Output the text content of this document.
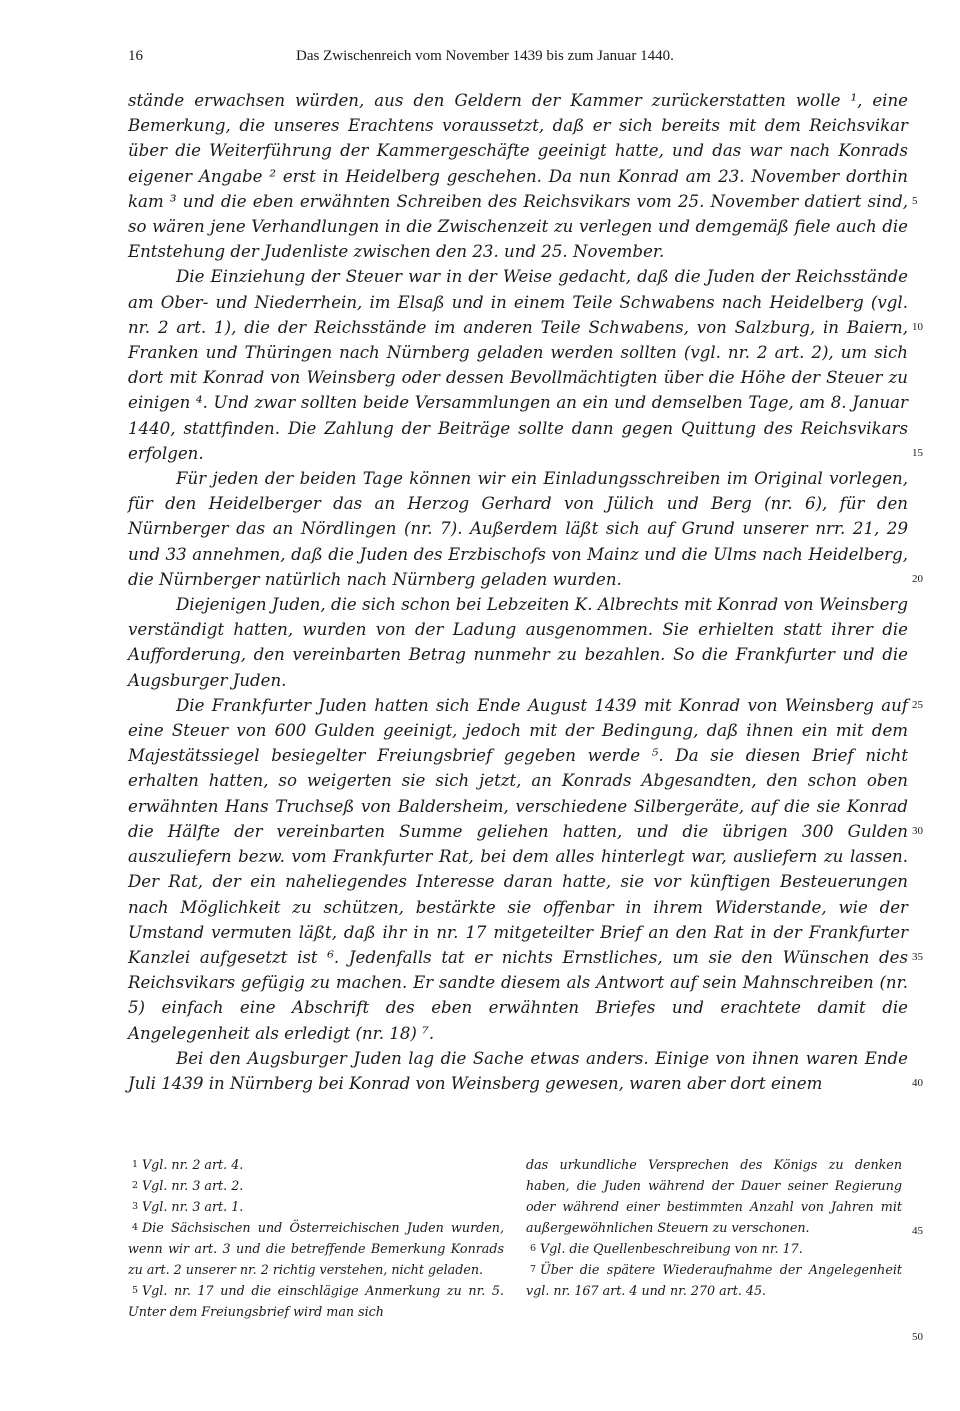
16	Das Zwischenreich vom November 1439 bis zum Januar 1440.

stände erwachsen würden, aus den Geldern der Kammer zurückerstatten wolle ¹, eine Bemerkung, die unseres Erachtens voraussetzt, daß er sich bereits mit dem Reichsvikar über die Weiterführung der Kammergeschäfte geeinigt hatte, und das war nach Konrads eigener Angabe ² erst in Heidelberg geschehen. Da nun Konrad am 23. November dorthin kam ³ und die eben erwähnten Schreiben des Reichsvikars vom 25. November datiert sind, so wären jene Verhandlungen in die Zwischenzeit zu verlegen und demgemäß fiele auch die Entstehung der Judenliste zwischen den 23. und 25. November.

Die Einziehung der Steuer war in der Weise gedacht, daß die Juden der Reichsstände am Ober- und Niederrhein, im Elsaß und in einem Teile Schwabens nach Heidelberg (vgl. nr. 2 art. 1), die der Reichsstände im anderen Teile Schwabens, von Salzburg, in Baiern, Franken und Thüringen nach Nürnberg geladen werden sollten (vgl. nr. 2 art. 2), um sich dort mit Konrad von Weinsberg oder dessen Bevollmächtigten über die Höhe der Steuer zu einigen ⁴. Und zwar sollten beide Versammlungen an ein und demselben Tage, am 8. Januar 1440, stattfinden. Die Zahlung der Beiträge sollte dann gegen Quittung des Reichsvikars erfolgen.

Für jeden der beiden Tage können wir ein Einladungsschreiben im Original vorlegen, für den Heidelberger das an Herzog Gerhard von Jülich und Berg (nr. 6), für den Nürnberger das an Nördlingen (nr. 7). Außerdem läßt sich auf Grund unserer nrr. 21, 29 und 33 annehmen, daß die Juden des Erzbischofs von Mainz und die Ulms nach Heidelberg, die Nürnberger natürlich nach Nürnberg geladen wurden.

Diejenigen Juden, die sich schon bei Lebzeiten K. Albrechts mit Konrad von Weinsberg verständigt hatten, wurden von der Ladung ausgenommen. Sie erhielten statt ihrer die Aufforderung, den vereinbarten Betrag nunmehr zu bezahlen. So die Frankfurter und die Augsburger Juden.

Die Frankfurter Juden hatten sich Ende August 1439 mit Konrad von Weinsberg auf eine Steuer von 600 Gulden geeinigt, jedoch mit der Bedingung, daß ihnen ein mit dem Majestätssiegel besiegelter Freiungsbrief gegeben werde ⁵. Da sie diesen Brief nicht erhalten hatten, so weigerten sie sich jetzt, an Konrads Abgesandten, den schon oben erwähnten Hans Truchseß von Baldersheim, verschiedene Silbergeräte, auf die sie Konrad die Hälfte der vereinbarten Summe geliehen hatten, und die übrigen 300 Gulden auszuliefern bezw. vom Frankfurter Rat, bei dem alles hinterlegt war, ausliefern zu lassen. Der Rat, der ein naheliegendes Interesse daran hatte, sie vor künftigen Besteuerungen nach Möglichkeit zu schützen, bestärkte sie offenbar in ihrem Widerstande, wie der Umstand vermuten läßt, daß ihr in nr. 17 mitgeteilter Brief an den Rat in der Frankfurter Kanzlei aufgesetzt ist ⁶. Jedenfalls tat er nichts Ernstliches, um sie den Wünschen des Reichsvikars gefügig zu machen. Er sandte diesem als Antwort auf sein Mahnschreiben (nr. 5) einfach eine Abschrift des eben erwähnten Briefes und erachtete damit die Angelegenheit als erledigt (nr. 18) ⁷.

Bei den Augsburger Juden lag die Sache etwas anders. Einige von ihnen waren Ende Juli 1439 in Nürnberg bei Konrad von Weinsberg gewesen, waren aber dort einem

5
10
15
20
25
30
35
40
45
50

1 Vgl. nr. 2 art. 4.

2 Vgl. nr. 3 art. 2.

3 Vgl. nr. 3 art. 1.

4 Die Sächsischen und Österreichischen Juden wurden, wenn wir art. 3 und die betreffende Bemerkung Konrads zu art. 2 unserer nr. 2 richtig verstehen, nicht geladen.

5 Vgl. nr. 17 und die einschlägige Anmerkung zu nr. 5. Unter dem Freiungsbrief wird man sich

das urkundliche Versprechen des Königs zu denken haben, die Juden während der Dauer seiner Regierung oder während einer bestimmten Anzahl von Jahren mit außergewöhnlichen Steuern zu verschonen.

6 Vgl. die Quellenbeschreibung von nr. 17.

7 Über die spätere Wiederaufnahme der Angelegenheit vgl. nr. 167 art. 4 und nr. 270 art. 45.
